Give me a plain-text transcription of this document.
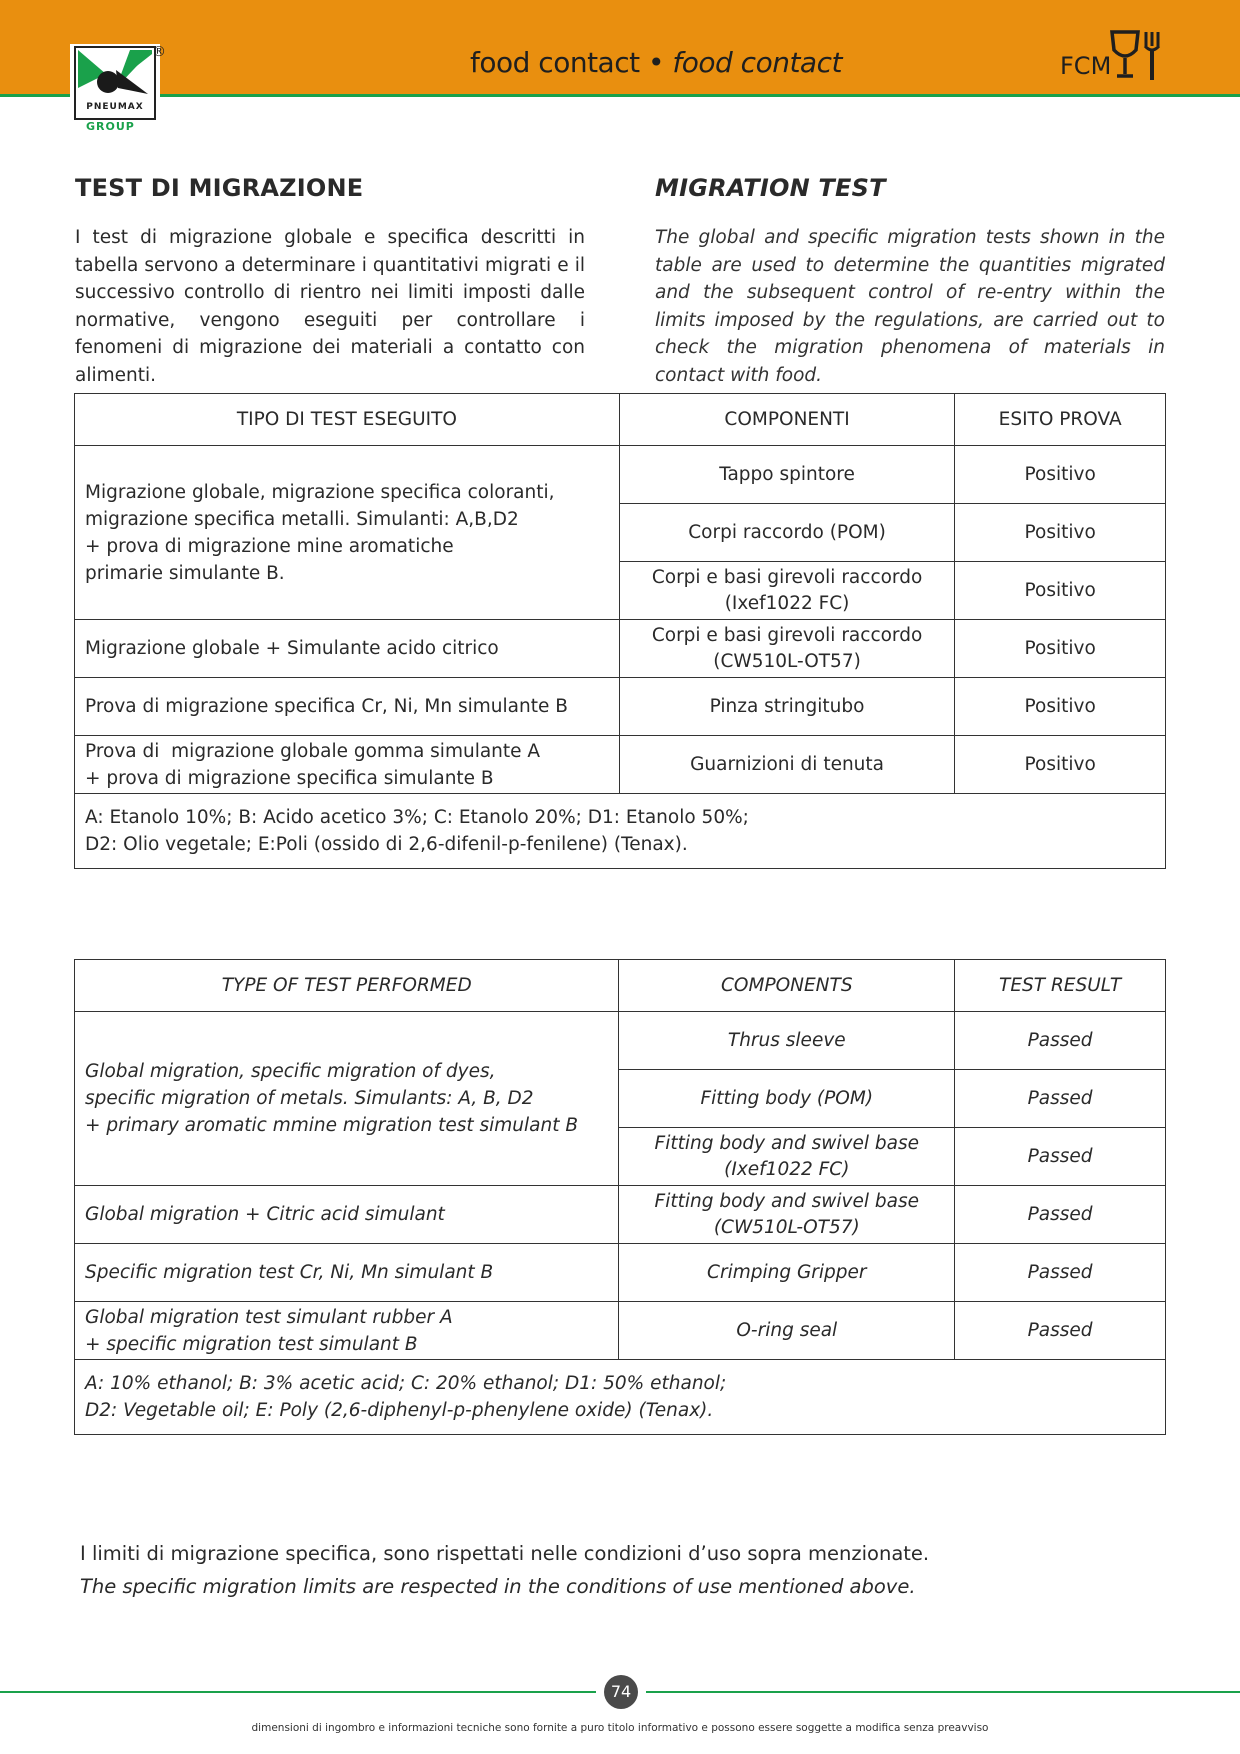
PNEUMAX
®
GROUP
food contact • food contact	FCM
TEST DI MIGRAZIONE	MIGRATION TEST
I test di migrazione globale e specifica descritti in tabella servono a determinare i quantitativi migrati e il successivo controllo di rientro nei limiti imposti dalle normative, vengono eseguiti per controllare i fenomeni di migrazione dei materiali a contatto con alimenti.
The global and specific migration tests shown in the table are used to determine the quantities migrated and the subsequent control of re-entry within the limits imposed by the regulations, are carried out to check the migration phenomena of materials in contact with food.
TIPO DI TEST ESEGUITO	COMPONENTI	ESITO PROVA

Migrazione globale, migrazione specifica coloranti,
migrazione specifica metalli. Simulanti: A,B,D2
+ prova di migrazione mine aromatiche
primarie simulante B.	Tappo spintore	Positivo
	Corpi raccordo (POM)	Positivo

	Corpi e basi girevoli raccordo
(Ixef1022 FC)	Positivo
Migrazione globale + Simulante acido citrico	Corpi e basi girevoli raccordo
(CW510L-OT57)	Positivo
Prova di migrazione specifica Cr, Ni, Mn simulante B	Pinza stringitubo	Positivo

Prova di  migrazione globale gomma simulante A
+ prova di migrazione specifica simulante B	Guarnizioni di tenuta	Positivo

A: Etanolo 10%; B: Acido acetico 3%; C: Etanolo 20%; D1: Etanolo 50%;
D2: Olio vegetale; E:Poli (ossido di 2,6-difenil-p-fenilene) (Tenax).		
TYPE OF TEST PERFORMED	COMPONENTS	TEST RESULT

Global migration, specific migration of dyes,
specific migration of metals. Simulants: A, B, D2
+ primary aromatic mmine migration test simulant B	Thrus sleeve	Passed
	Fitting body (POM)	Passed

	Fitting body and swivel base
(Ixef1022 FC)	Passed
Global migration + Citric acid simulant	Fitting body and swivel base
(CW510L-OT57)	Passed
Specific migration test Cr, Ni, Mn simulant B	Crimping Gripper	Passed

Global migration test simulant rubber A
+ specific migration test simulant B	O-ring seal	Passed

A: 10% ethanol; B: 3% acetic acid; C: 20% ethanol; D1: 50% ethanol;
D2: Vegetable oil; E: Poly (2,6-diphenyl-p-phenylene oxide) (Tenax).		
I limiti di migrazione specifica, sono rispettati nelle condizioni d’uso sopra menzionate.
The specific migration limits are respected in the conditions of use mentioned above.
74
dimensioni di ingombro e informazioni tecniche sono fornite a puro titolo informativo e possono essere soggette a modifica senza preavviso
